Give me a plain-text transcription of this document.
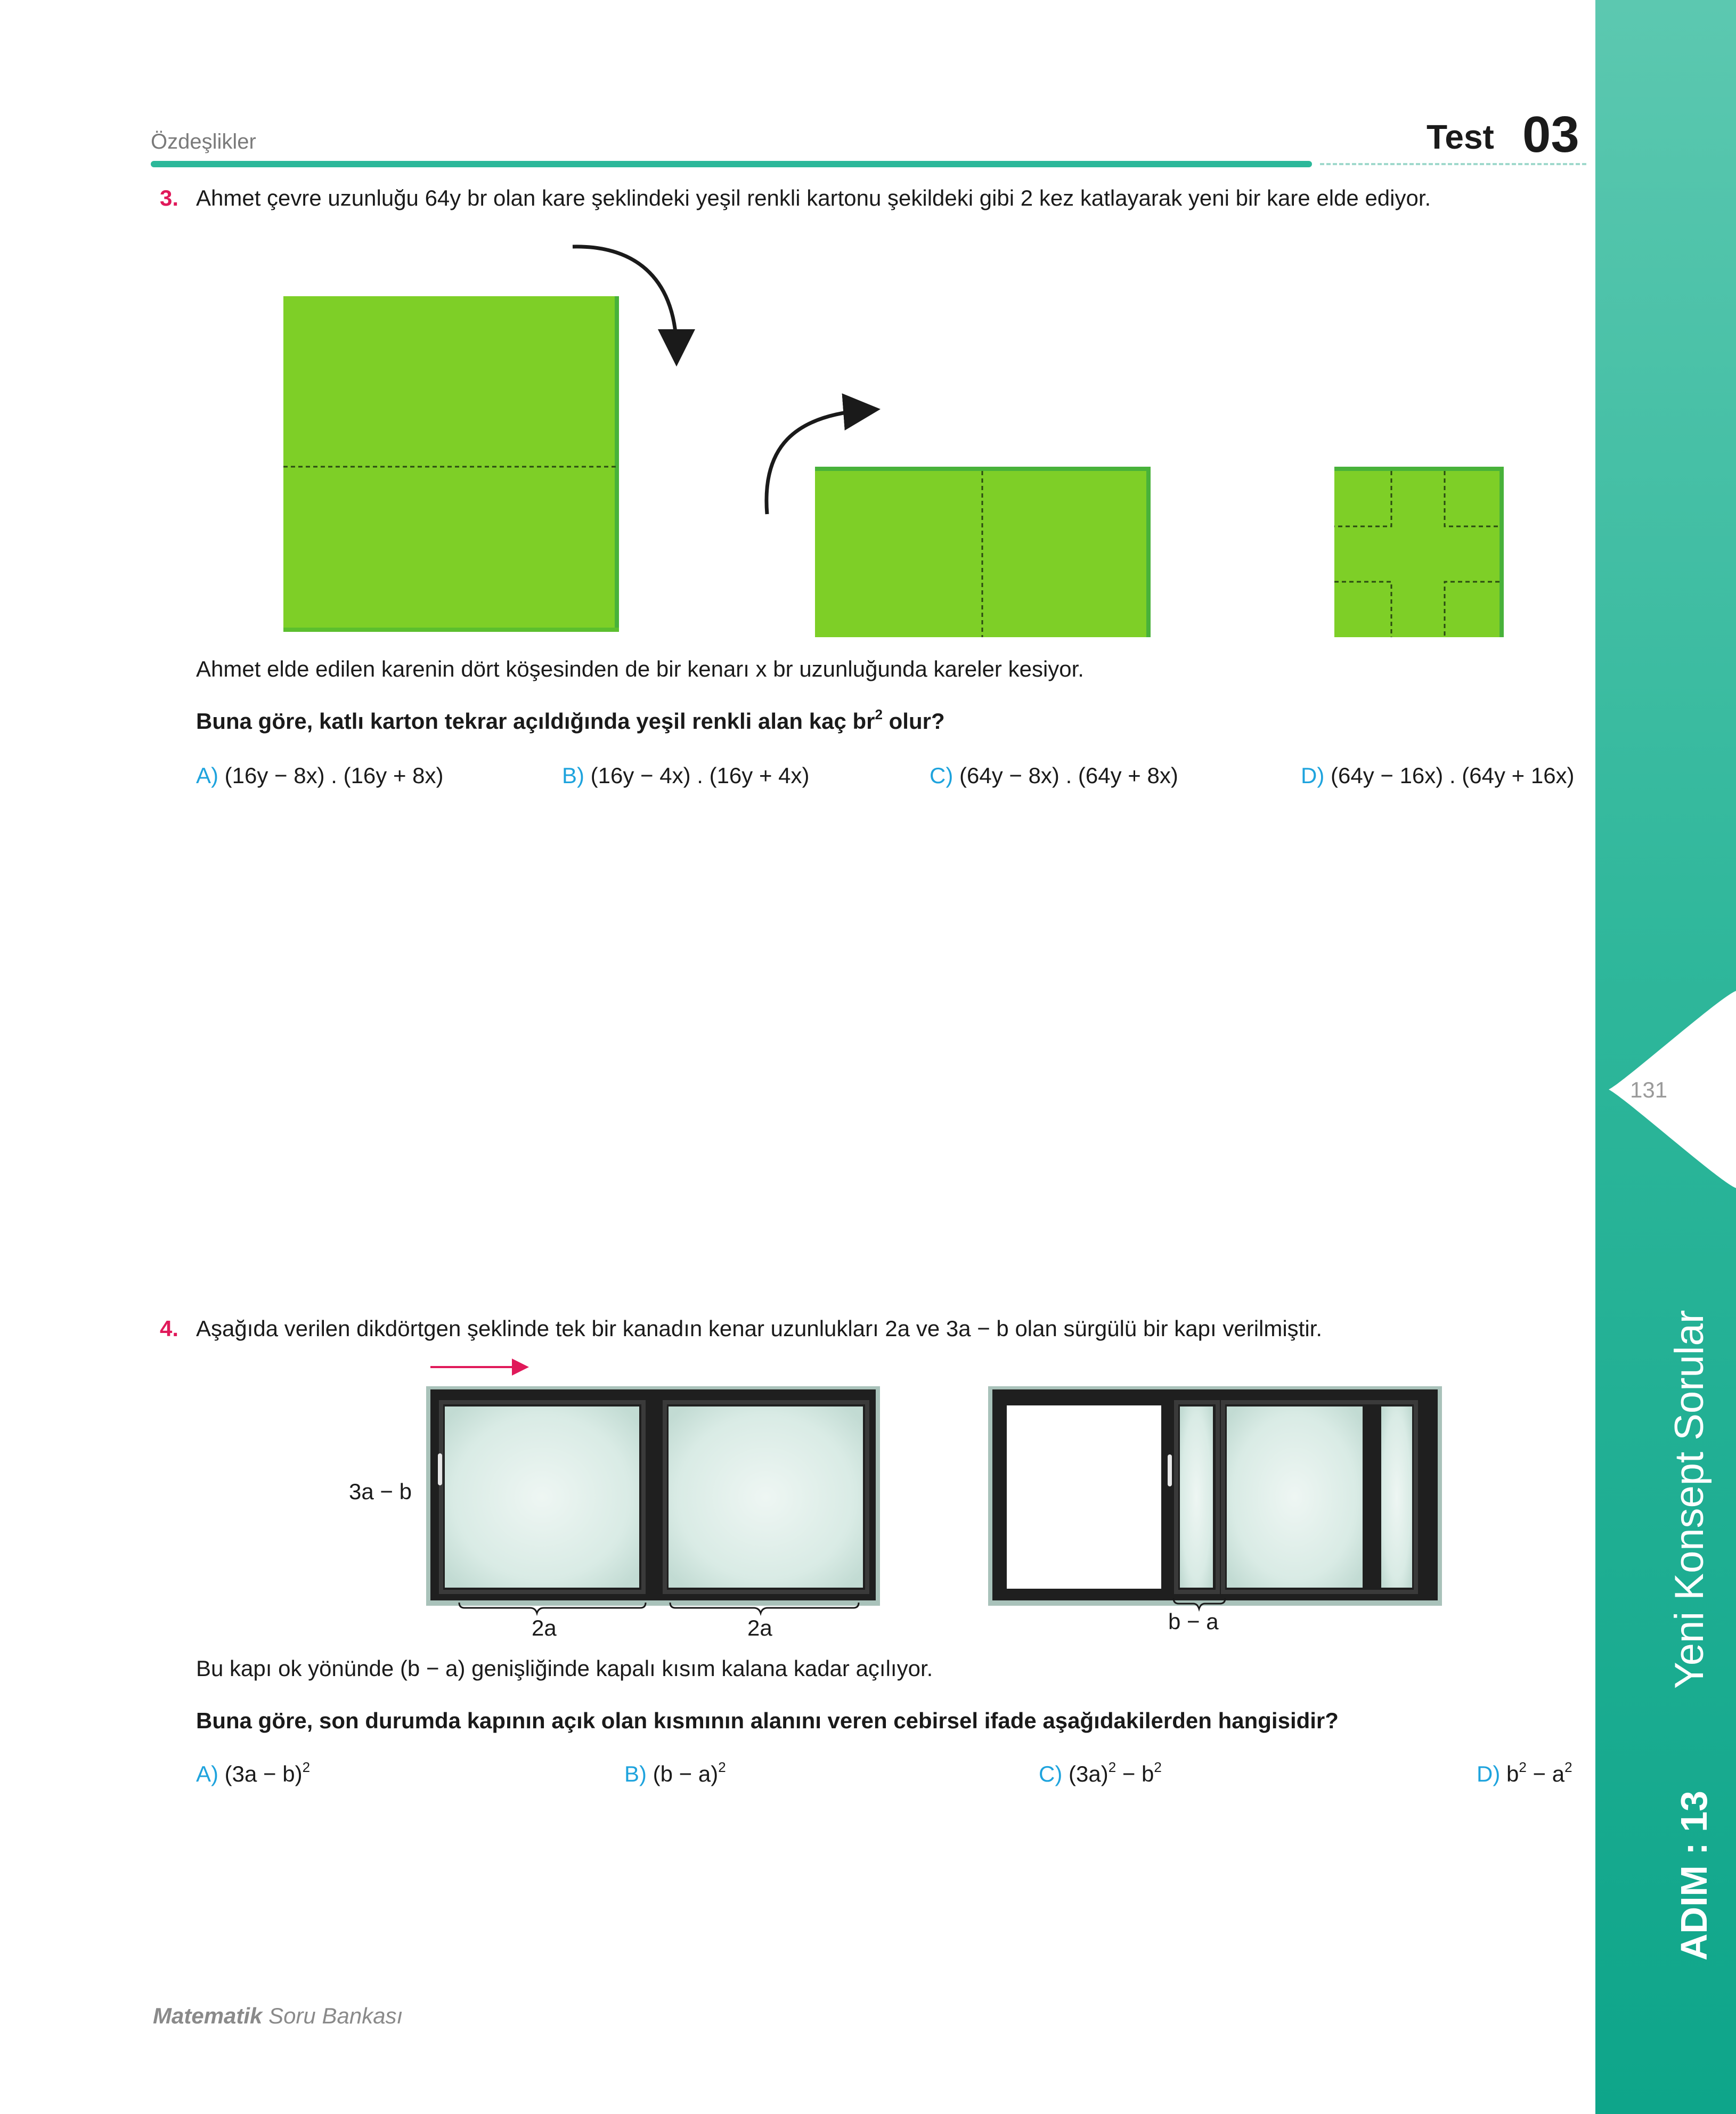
Özdeşlikler	Test 03
131
Yeni Konsept Sorular
ADIM : 13
3. Ahmet çevre uzunluğu 64y br olan kare şeklindeki yeşil renkli kartonu şekildeki gibi 2 kez katlayarak yeni bir kare elde ediyor.
Ahmet elde edilen karenin dört köşesinden de bir kenarı x br uzunluğunda kareler kesiyor.
Buna göre, katlı karton tekrar açıldığında yeşil renkli alan kaç $br^2$ olur?
A) (16y − 8x) . (16y + 8x)	B) (16y − 4x) . (16y + 4x)	C) (64y − 8x) . (64y + 8x)	D) (64y − 16x) . (64y + 16x)
4. Aşağıda verilen dikdörtgen şeklinde tek bir kanadın kenar uzunlukları 2a ve 3a − b olan sürgülü bir kapı verilmiştir.
3a − b
2a	2a	b − a
Bu kapı ok yönünde (b − a) genişliğinde kapalı kısım kalana kadar açılıyor.
Buna göre, son durumda kapının açık olan kısmının alanını veren cebirsel ifade aşağıdakilerden hangisidir?
A) $(3a - b)^2$	B) $(b - a)^2$	C) $(3a)^2 - b^2$	D) $b^2 - a^2$
Matematik Soru Bankası
